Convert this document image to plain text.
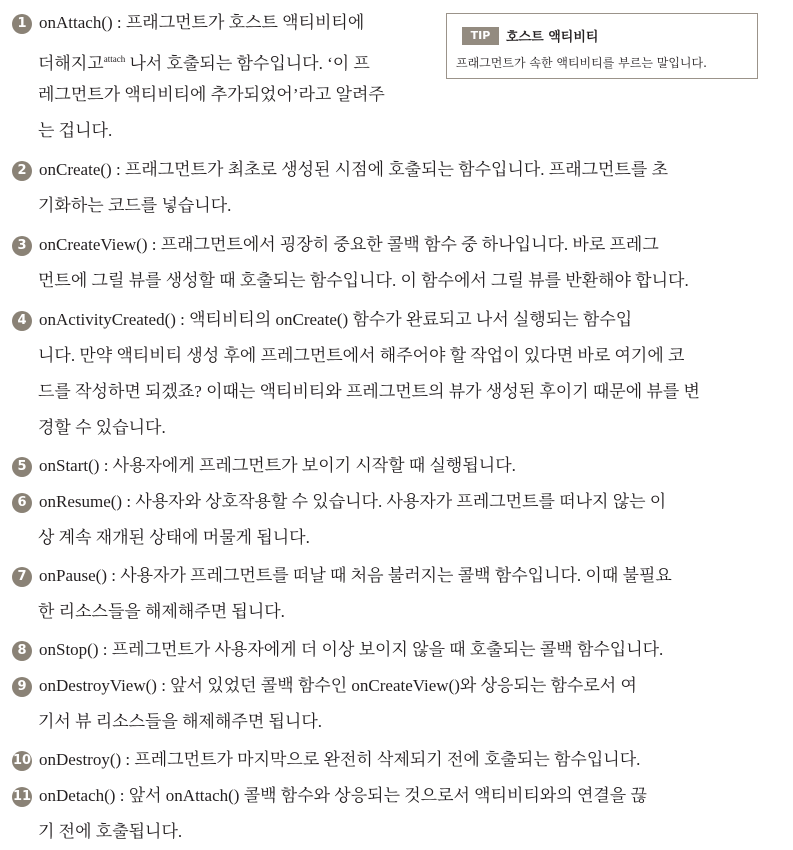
1 onAttach() : 프래그먼트가 호스트 액티비티에
더해지고$^{attach}$ 나서 호출되는 함수입니다. ‘이 프
레그먼트가 액티비티에 추가되었어’라고 알려주
는 겁니다.
2 onCreate() : 프래그먼트가 최초로 생성된 시점에 호출되는 함수입니다. 프래그먼트를 초
기화하는 코드를 넣습니다.
3 onCreateView() : 프래그먼트에서 굉장히 중요한 콜백 함수 중 하나입니다. 바로 프레그
먼트에 그릴 뷰를 생성할 때 호출되는 함수입니다. 이 함수에서 그릴 뷰를 반환해야 합니다.
4 onActivityCreated() : 액티비티의 onCreate() 함수가 완료되고 나서 실행되는 함수입
니다. 만약 액티비티 생성 후에 프레그먼트에서 해주어야 할 작업이 있다면 바로 여기에 코
드를 작성하면 되겠죠? 이때는 액티비티와 프레그먼트의 뷰가 생성된 후이기 때문에 뷰를 변
경할 수 있습니다.
5 onStart() : 사용자에게 프레그먼트가 보이기 시작할 때 실행됩니다.
6 onResume() : 사용자와 상호작용할 수 있습니다. 사용자가 프레그먼트를 떠나지 않는 이
상 계속 재개된 상태에 머물게 됩니다.
7 onPause() : 사용자가 프레그먼트를 떠날 때 처음 불러지는 콜백 함수입니다. 이때 불필요
한 리소스들을 해제해주면 됩니다.
8 onStop() : 프레그먼트가 사용자에게 더 이상 보이지 않을 때 호출되는 콜백 함수입니다.
9 onDestroyView() : 앞서 있었던 콜백 함수인 onCreateView()와 상응되는 함수로서 여
기서 뷰 리소스들을 해제해주면 됩니다.
10 onDestroy() : 프레그먼트가 마지막으로 완전히 삭제되기 전에 호출되는 함수입니다.
11 onDetach() : 앞서 onAttach() 콜백 함수와 상응되는 것으로서 액티비티와의 연결을 끊
기 전에 호출됩니다.
TIP	호스트 액티비티
프래그먼트가 속한 액티비티를 부르는 말입니다.
